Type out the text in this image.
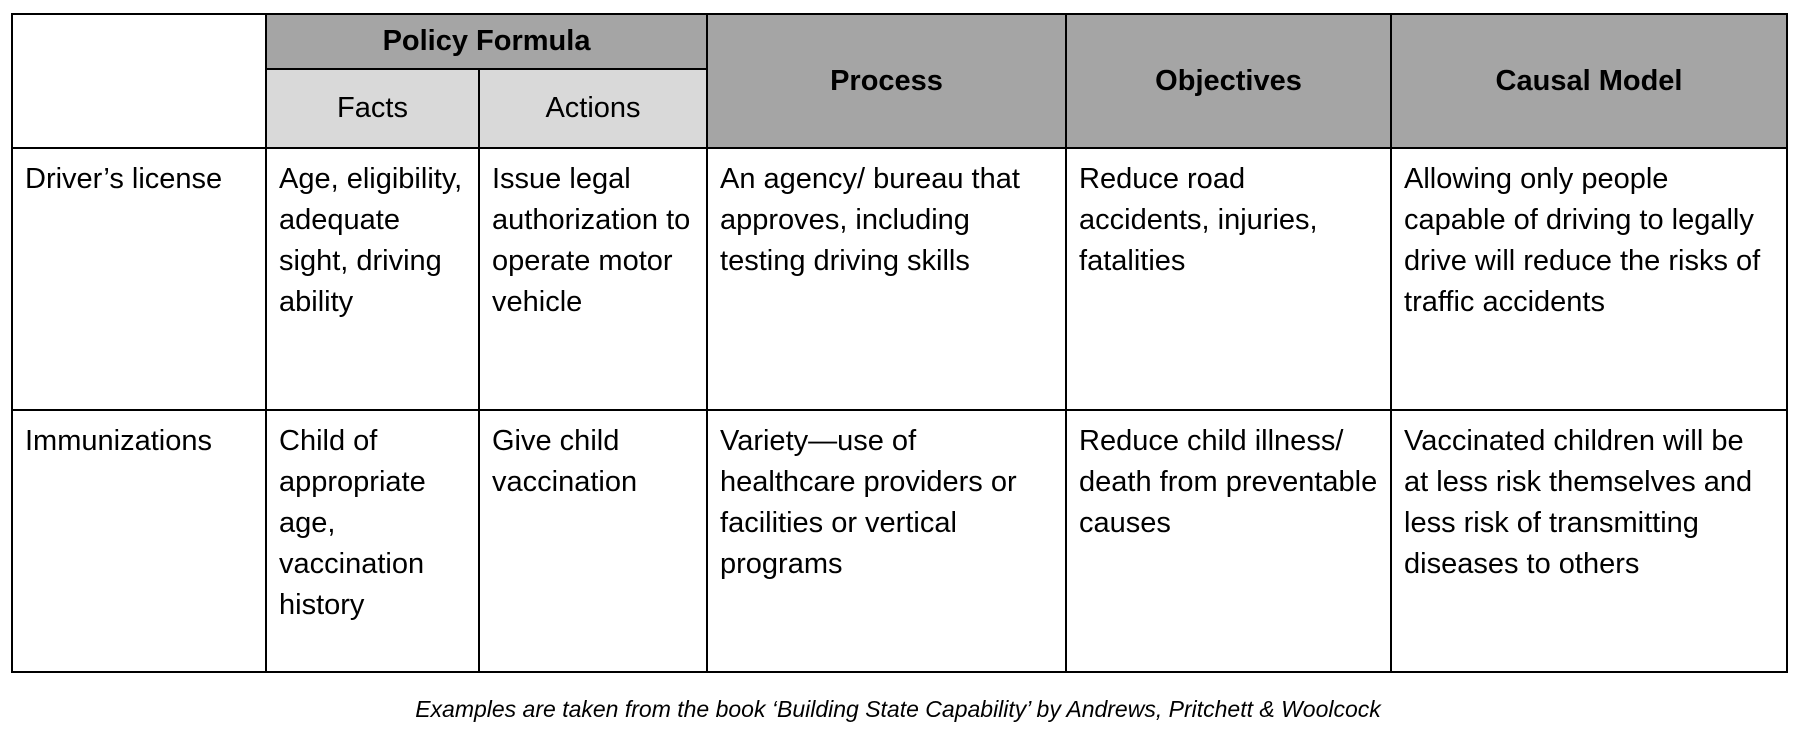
	Policy Formula		Process	Objectives	Causal Model
	Facts	Actions			
Driver’s license	Age, eligibility, adequate sight, driving ability	Issue legal authorization to operate motor vehicle	An agency/ bureau that approves, including testing driving skills	Reduce road accidents, injuries, fatalities	Allowing only people capable of driving to legally drive will reduce the risks of traffic accidents
Immunizations	Child of appropriate age, vaccination history	Give child vaccination	Variety—use of healthcare providers or facilities or vertical programs	Reduce child illness/ death from preventable causes	Vaccinated children will be at less risk themselves and less risk of transmitting diseases to others
Examples are taken from the book ‘Building State Capability’ by Andrews, Pritchett & Woolcock
